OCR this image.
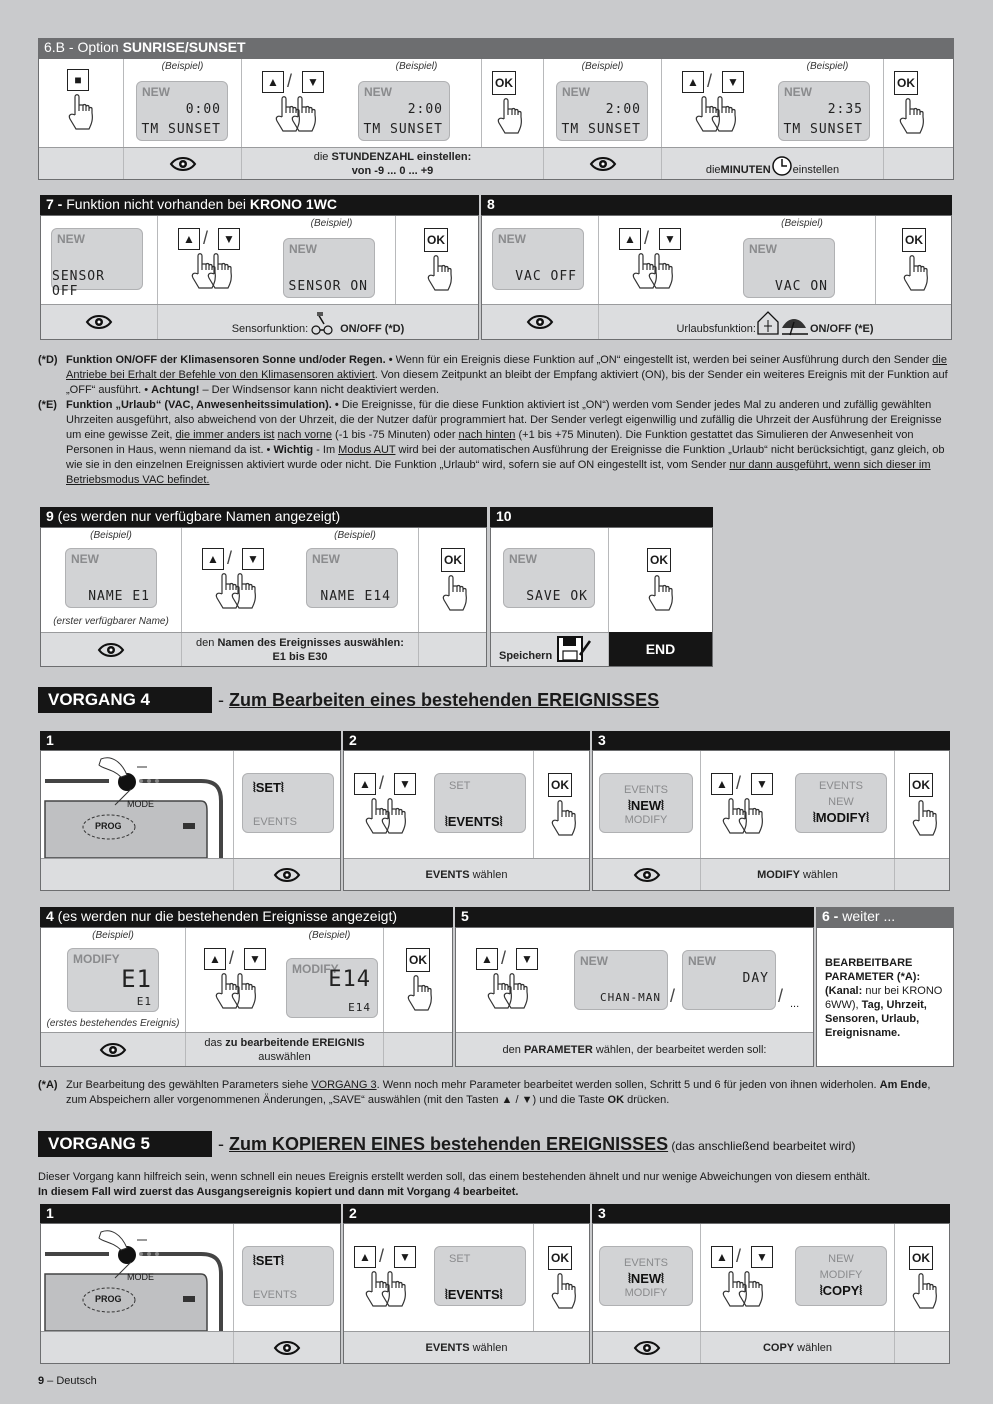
6.B - Option SUNRISE/SUNSET
■
(Beispiel)
NEW
0:00
TM SUNSET
(Beispiel)
▲ / ▼
NEW
2:00
TM SUNSET
OK
(Beispiel)
NEW
2:00
TM SUNSET
(Beispiel)
▲ / ▼
NEW
2:35
TM SUNSET
OK
die STUNDENZAHL einstellen:
von -9 ... 0 ... +9	die MINUTEN einstellen
7 - Funktion nicht vorhanden bei KRONO 1WC	8
NEW
SENSOR OFF
(Beispiel)
▲ / ▼
NEW
SENSOR ON
OK
Sensorfunktion:	ON/OFF (*D)
NEW
VAC OFF
(Beispiel)
▲ / ▼
NEW
VAC ON
OK
Urlaubsfunktion:	ON/OFF (*E)
(*D) Funktion ON/OFF der Klimasensoren Sonne und/oder Regen. • Wenn für ein Ereignis diese Funktion auf „ON“ eingestellt ist, werden bei seiner Ausführung durch den Sender die Antriebe bei Erhalt der Befehle von den Klimasensoren aktiviert. Von diesem Zeitpunkt an bleibt der Empfang aktiviert (ON), bis der Sender ein weiteres Ereignis mit der Funktion auf „OFF“ ausführt. • Achtung! – Der Windsensor kann nicht deaktiviert werden.
(*E) Funktion „Urlaub“ (VAC, Anwesenheitssimulation). • Die Ereignisse, für die diese Funktion aktiviert ist „ON“) werden vom Sender jedes Mal zu anderen und zufällig gewählten Uhrzeiten ausgeführt, also abweichend von der Uhrzeit, die der Nutzer dafür programmiert hat. Der Sender verlegt eigenwillig und zufällig die Uhrzeit der Ausführung der Ereignisse um eine gewisse Zeit, die immer anders ist nach vorne (-1 bis -75 Minuten) oder nach hinten (+1 bis +75 Minuten). Die Funktion gestattet das Simulieren der Anwesenheit von Personen in Haus, wenn niemand da ist. • Wichtig - Im Modus AUT wird bei der automatischen Ausführung der Ereignisse die Funktion „Urlaub“ nicht berücksichtigt, ganz gleich, ob wie sie in den einzelnen Ereignissen aktiviert wurde oder nicht. Die Funktion „Urlaub“ wird, sofern sie auf ON eingestellt ist, vom Sender nur dann ausgeführt, wenn sich dieser im Betriebsmodus VAC befindet.
9 (es werden nur verfügbare Namen angezeigt)	10
(Beispiel)
NEW
NAME E1
(erster verfügbarer Name)
(Beispiel)
▲ / ▼	NEW
NAME E14
OK
den Namen des Ereignisses auswählen:
E1 bis E30
NEW
SAVE OK
OK
Speichern	END
VORGANG 4	- Zum Bearbeiten eines bestehenden EREIGNISSES
1	2	3
MODE
PROG
⦚SET⦚
EVENTS
▲ / ▼	SET
⦚EVENTS⦚
OK
EVENTS wählen
EVENTS
⦚NEW⦚
MODIFY
▲ / ▼	EVENTS
NEW
⦚MODIFY⦚
OK
MODIFY wählen
4 (es werden nur die bestehenden Ereignisse angezeigt)	5	6 - weiter ...
(Beispiel)
MODIFY
E1
E1
(erstes bestehendes Ereignis)
(Beispiel)
▲ / ▼
MODIFY
E14
E14
OK
das zu bearbeitende EREIGNIS
auswählen
▲ / ▼	NEW
CHAN-MAN /
NEW
DAY
/ ...
den PARAMETER wählen, der bearbeitet werden soll:
BEARBEITBARE PARAMETER (*A):
(Kanal: nur bei KRONO 6WW), Tag, Uhrzeit, Sensoren, Urlaub, Ereignisname.
(*A) Zur Bearbeitung des gewählten Parameters siehe VORGANG 3. Wenn noch mehr Parameter bearbeitet werden sollen, Schritt 5 und 6 für jeden von ihnen widerholen. Am Ende, zum Abspeichern aller vorgenommenen Änderungen, „SAVE“ auswählen (mit den Tasten ▲ / ▼) und die Taste OK drücken.
VORGANG 5	- Zum KOPIEREN EINES bestehenden EREIGNISSES (das anschließend bearbeitet wird)
Dieser Vorgang kann hilfreich sein, wenn schnell ein neues Ereignis erstellt werden soll, das einem bestehenden ähnelt und nur wenige Abweichungen von diesem enthält.
In diesem Fall wird zuerst das Ausgangsereignis kopiert und dann mit Vorgang 4 bearbeitet.
1	2	3
MODE
PROG
⦚SET⦚
EVENTS
▲ / ▼	SET
⦚EVENTS⦚
OK
EVENTS wählen
EVENTS
⦚NEW⦚
MODIFY
▲ / ▼	NEW
MODIFY
⦚COPY⦚
OK
COPY wählen
9 – Deutsch
